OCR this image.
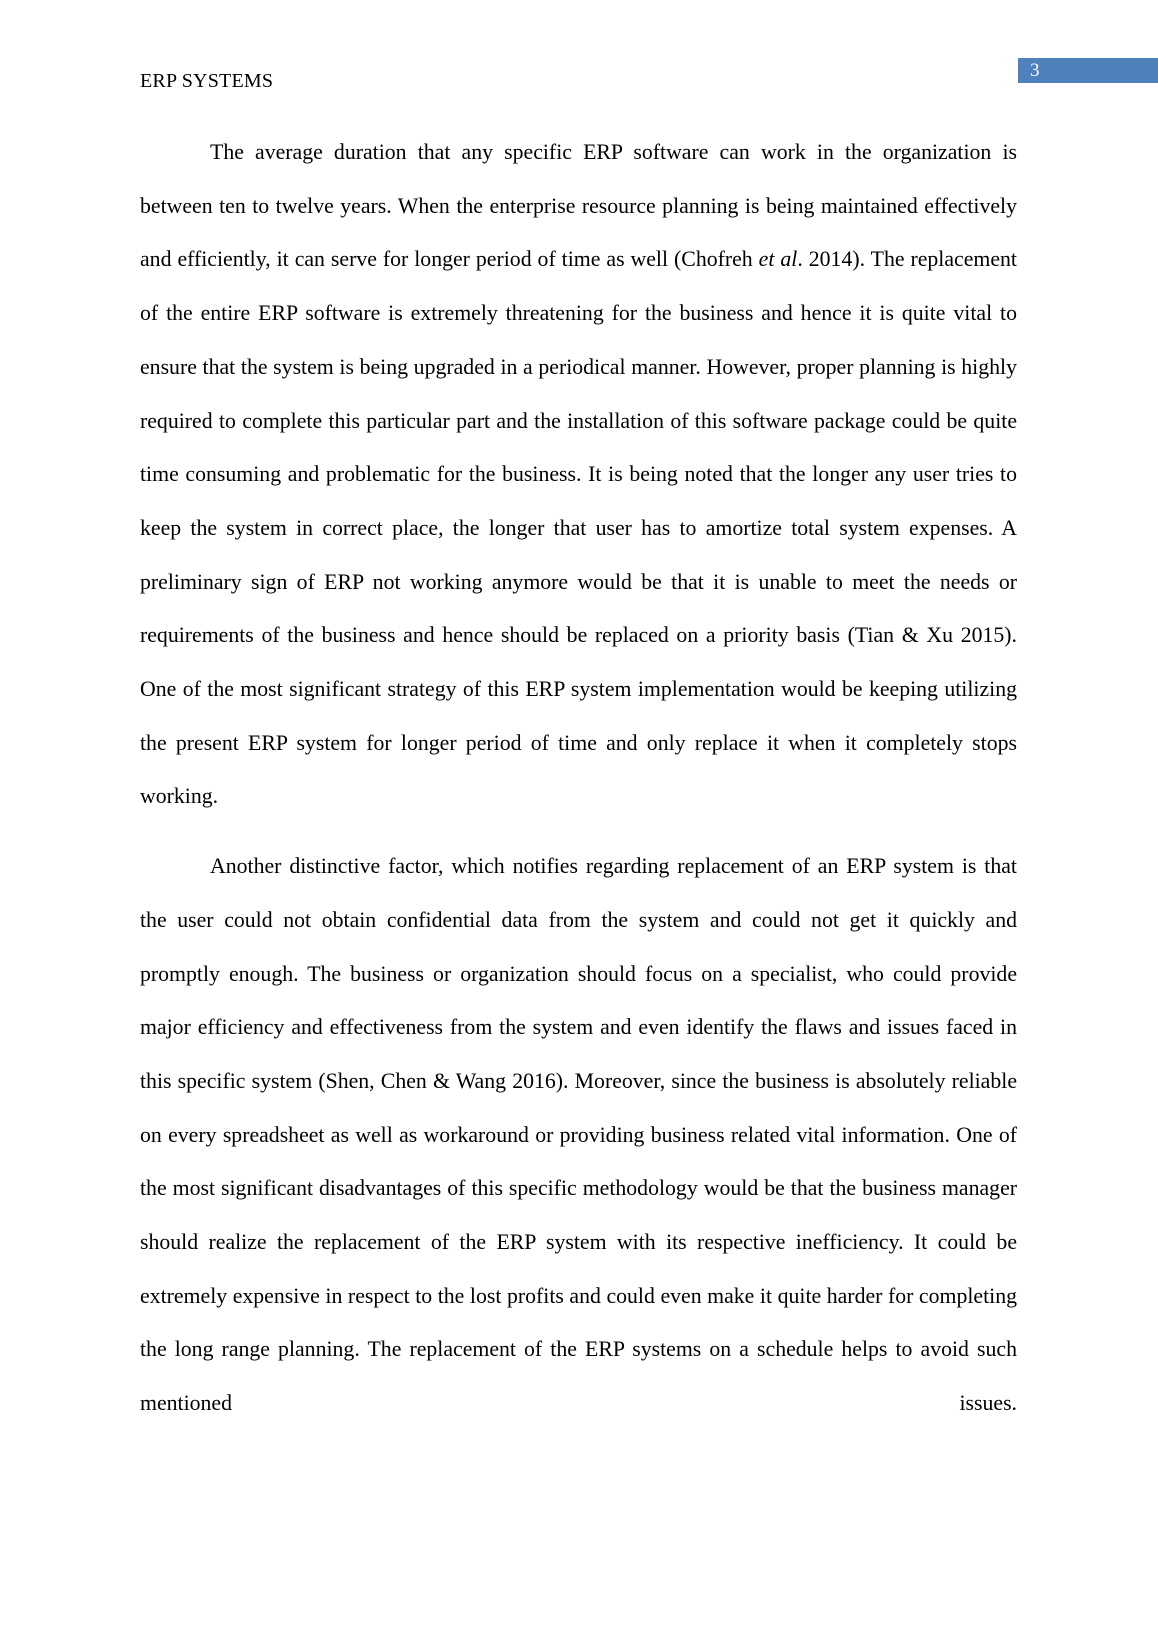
3
ERP SYSTEMS

The average duration that any specific ERP software can work in the organization is between ten to twelve years. When the enterprise resource planning is being maintained effectively and efficiently, it can serve for longer period of time as well (Chofreh et al. 2014). The replacement of the entire ERP software is extremely threatening for the business and hence it is quite vital to ensure that the system is being upgraded in a periodical manner. However, proper planning is highly required to complete this particular part and the installation of this software package could be quite time consuming and problematic for the business. It is being noted that the longer any user tries to keep the system in correct place, the longer that user has to amortize total system expenses. A preliminary sign of ERP not working anymore would be that it is unable to meet the needs or requirements of the business and hence should be replaced on a priority basis (Tian & Xu 2015). One of the most significant strategy of this ERP system implementation would be keeping utilizing the present ERP system for longer period of time and only replace it when it completely stops working.

Another distinctive factor, which notifies regarding replacement of an ERP system is that the user could not obtain confidential data from the system and could not get it quickly and promptly enough. The business or organization should focus on a specialist, who could provide major efficiency and effectiveness from the system and even identify the flaws and issues faced in this specific system (Shen, Chen & Wang 2016). Moreover, since the business is absolutely reliable on every spreadsheet as well as workaround or providing business related vital information. One of the most significant disadvantages of this specific methodology would be that the business manager should realize the replacement of the ERP system with its respective inefficiency. It could be extremely expensive in respect to the lost profits and could even make it quite harder for completing the long range planning. The replacement of the ERP systems on a schedule helps to avoid such mentioned issues.
